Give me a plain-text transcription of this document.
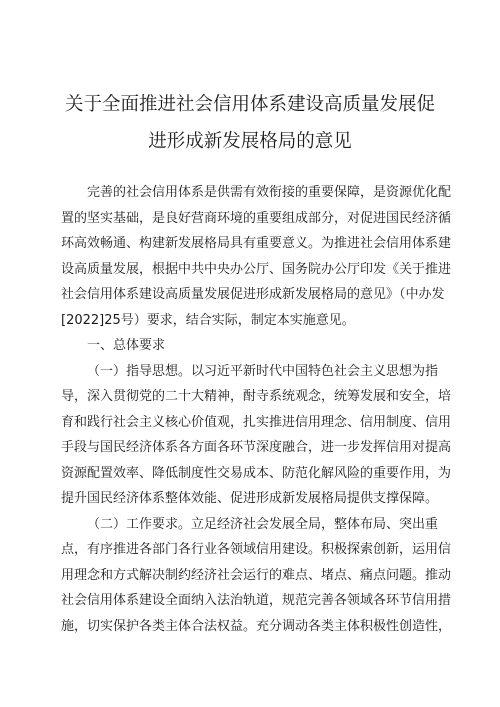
关于全面推进社会信用体系建设高质量发展促
进形成新发展格局的意见
完善的社会信用体系是供需有效衔接的重要保障，是资源优化配
置的坚实基础，是良好营商环境的重要组成部分，对促进国民经济循
环高效畅通、构建新发展格局具有重要意义。为推进社会信用体系建
设高质量发展，根据中共中央办公厅、国务院办公厅印发《关于推进
社会信用体系建设高质量发展促进形成新发展格局的意见》（中办发
[2022]25号）要求，结合实际，制定本实施意见。
一、总体要求
（一）指导思想。以习近平新时代中国特色社会主义思想为指
导，深入贯彻党的二十大精神，酎寺系统观念，统筹发展和安全，培
育和践行社会主义核心价值观，扎实推进信用理念、信用制度、信用
手段与国民经济体系各方面各环节深度融合，进一步发挥信用对提高
资源配置效率、降低制度性交易成本、防范化解风险的重要作用，为
提升国民经济体系整体效能、促进形成新发展格局提供支撑保障。
（二）工作要求。立足经济社会发展全局，整体布局、突出重
点，有序推进各部门各行业各领域信用建设。积极探索创新，运用信
用理念和方式解决制约经济社会运行的难点、堵点、痛点问题。推动
社会信用体系建设全面纳入法治轨道，规范完善各领域各环节信用措
施，切实保护各类主体合法权益。充分调动各类主体积极性创造性，
